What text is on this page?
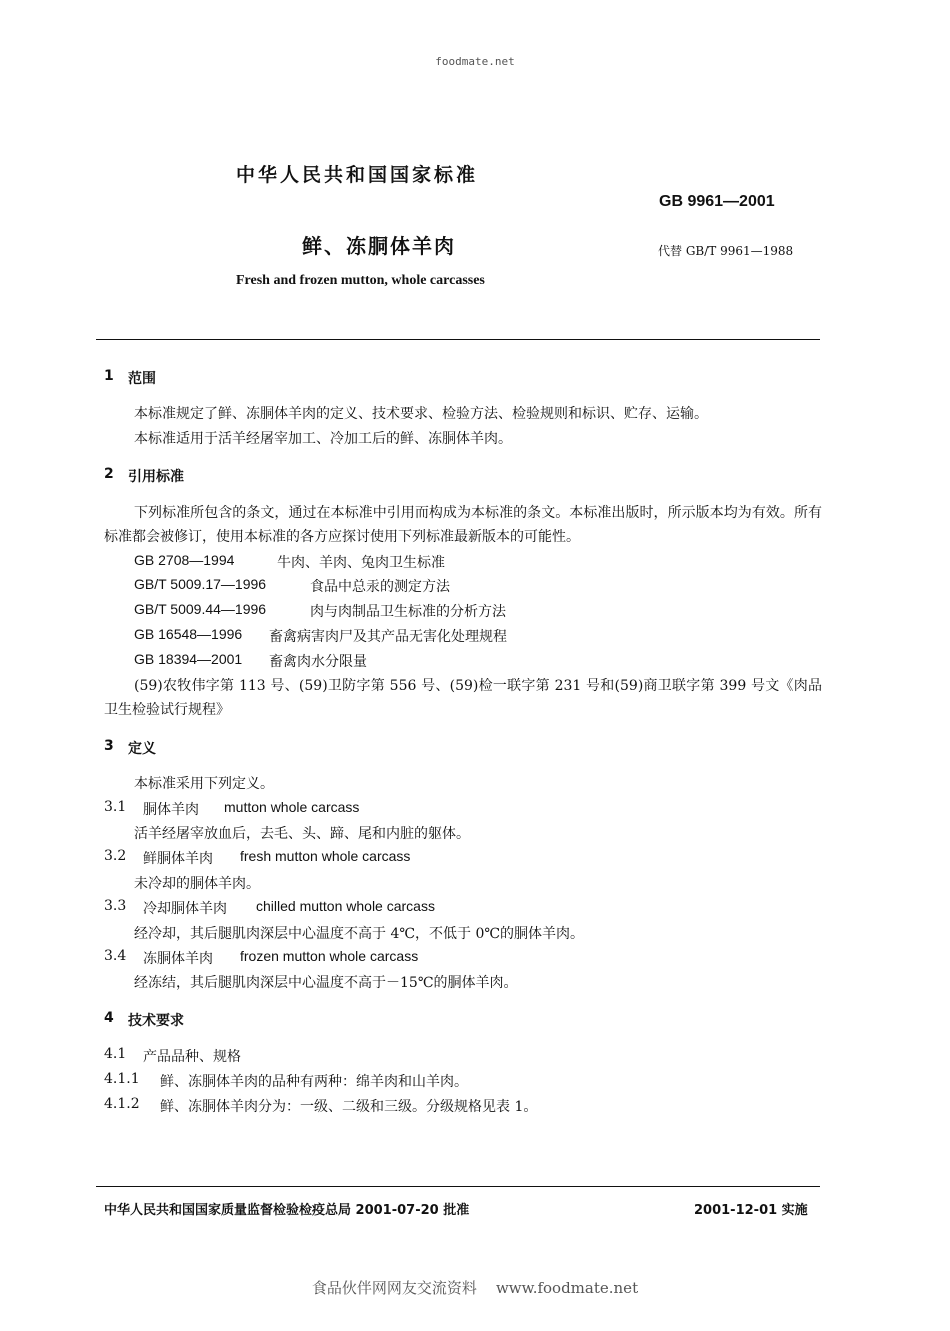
foodmate.net
中华人民共和国国家标准
GB 9961—2001
鲜、冻胴体羊肉	代替 GB/T 9961—1988
Fresh and frozen mutton, whole carcasses
1 范围
本标准规定了鲜、冻胴体羊肉的定义、技术要求、检验方法、检验规则和标识、贮存、运输。
本标准适用于活羊经屠宰加工、冷加工后的鲜、冻胴体羊肉。
2 引用标准
下列标准所包含的条文，通过在本标准中引用而构成为本标准的条文。本标准出版时，所示版本均为有效。所有标准都会被修订，使用本标准的各方应探讨使用下列标准最新版本的可能性。
GB 2708—1994	牛肉、羊肉、兔肉卫生标准
GB/T 5009.17—1996	食品中总汞的测定方法
GB/T 5009.44—1996	肉与肉制品卫生标准的分析方法
GB 16548—1996 畜禽病害肉尸及其产品无害化处理规程
GB 18394—2001 畜禽肉水分限量
(59)农牧伟字第 113 号、(59)卫防字第 556 号、(59)检一联字第 231 号和(59)商卫联字第 399 号文《肉品卫生检验试行规程》
3 定义
本标准采用下列定义。
3.1 胴体羊肉 mutton whole carcass
活羊经屠宰放血后，去毛、头、蹄、尾和内脏的躯体。
3.2 鲜胴体羊肉 fresh mutton whole carcass
未冷却的胴体羊肉。
3.3 冷却胴体羊肉 chilled mutton whole carcass
经冷却，其后腿肌肉深层中心温度不高于 4℃，不低于 0℃的胴体羊肉。
3.4 冻胴体羊肉 frozen mutton whole carcass
经冻结，其后腿肌肉深层中心温度不高于－15℃的胴体羊肉。
4 技术要求
4.1 产品品种、规格
4.1.1 鲜、冻胴体羊肉的品种有两种：绵羊肉和山羊肉。
4.1.2 鲜、冻胴体羊肉分为：一级、二级和三级。分级规格见表 1。
中华人民共和国国家质量监督检验检疫总局 2001-07-20 批准	2001-12-01 实施
食品伙伴网网友交流资料    www.foodmate.net
